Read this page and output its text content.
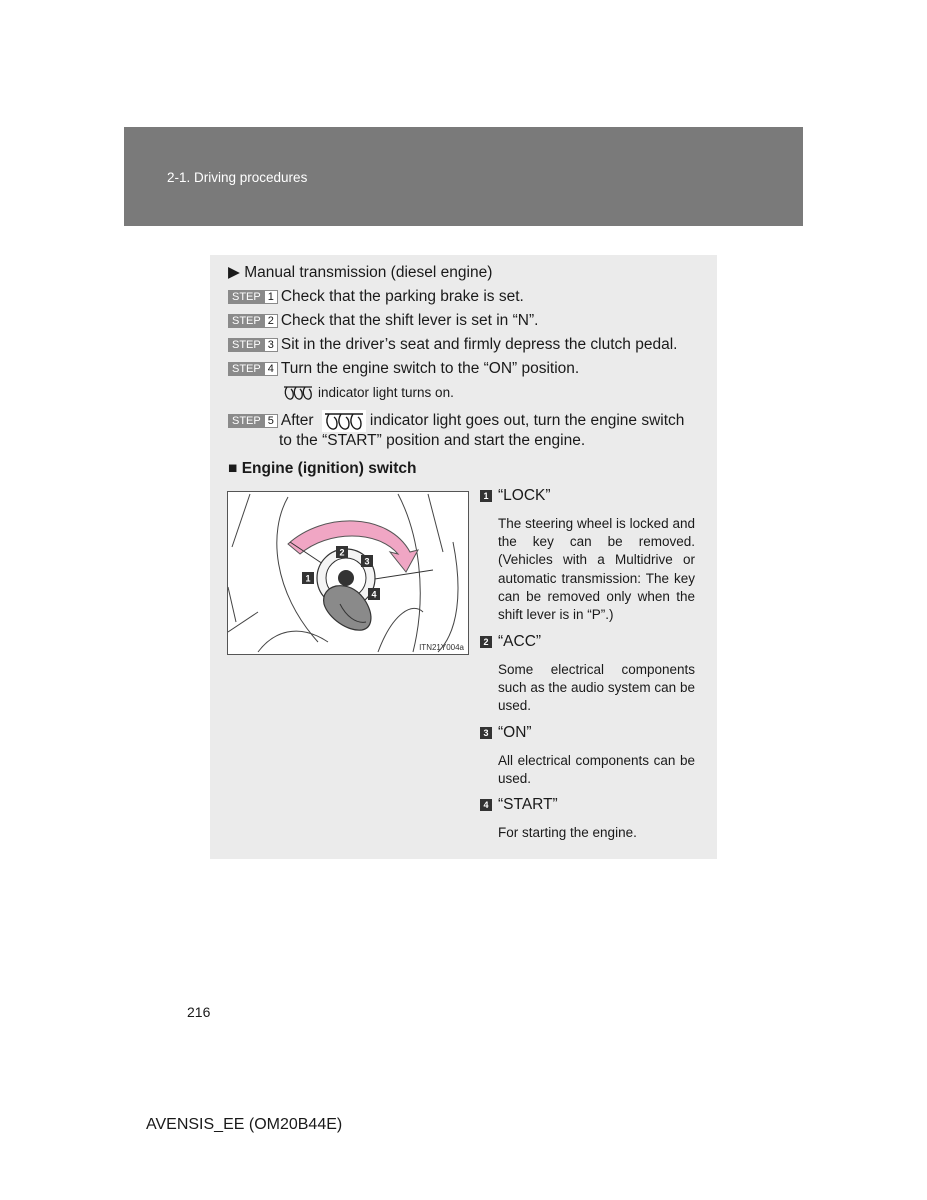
2-1. Driving procedures
▶ Manual transmission (diesel engine)
STEP 1 Check that the parking brake is set.
STEP 2 Check that the shift lever is set in “N”.
STEP 3 Sit in the driver’s seat and firmly depress the clutch pedal.
STEP 4 Turn the engine switch to the “ON” position.
indicator light turns on.
STEP 5 After	indicator light goes out, turn the engine switch
to the “START” position and start the engine.
■ Engine (ignition) switch
2
3
1
4
ITN21Y004a
1 “LOCK”
The steering wheel is locked and the key can be removed. (Vehicles with a Multidrive or automatic transmission: The key can be removed only when the shift lever is in “P”.)
2 “ACC”
Some electrical components such as the audio system can be used.
3 “ON”
All electrical components can be used.
4 “START”
For starting the engine.
216
AVENSIS_EE (OM20B44E)
